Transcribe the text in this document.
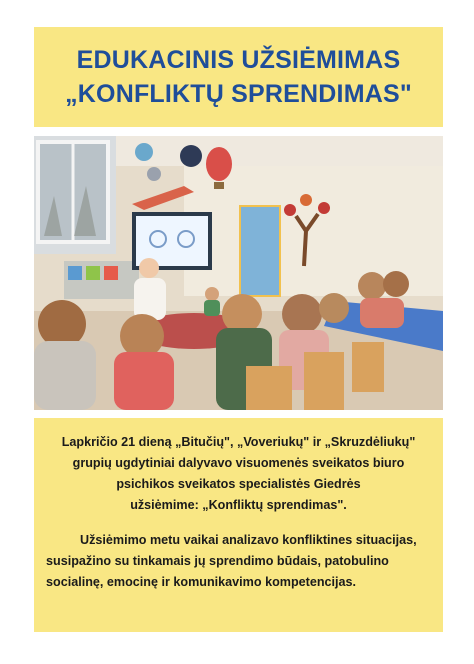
EDUKACINIS UŽSIĖMIMAS
„KONFLIKTŲ SPRENDIMAS"

Lapkričio 21 dieną „Bitučių", „Voveriukų" ir „Skruzdėliukų"
grupių ugdytiniai dalyvavo visuomenės sveikatos biuro
psichikos sveikatos specialistės Giedrės
užsiėmime: „Konfliktų sprendimas".

Užsiėmimo metu vaikai analizavo konfliktines situacijas,
susipažino su tinkamais jų sprendimo būdais, patobulino
socialinę, emocinę ir komunikavimo kompetencijas.
